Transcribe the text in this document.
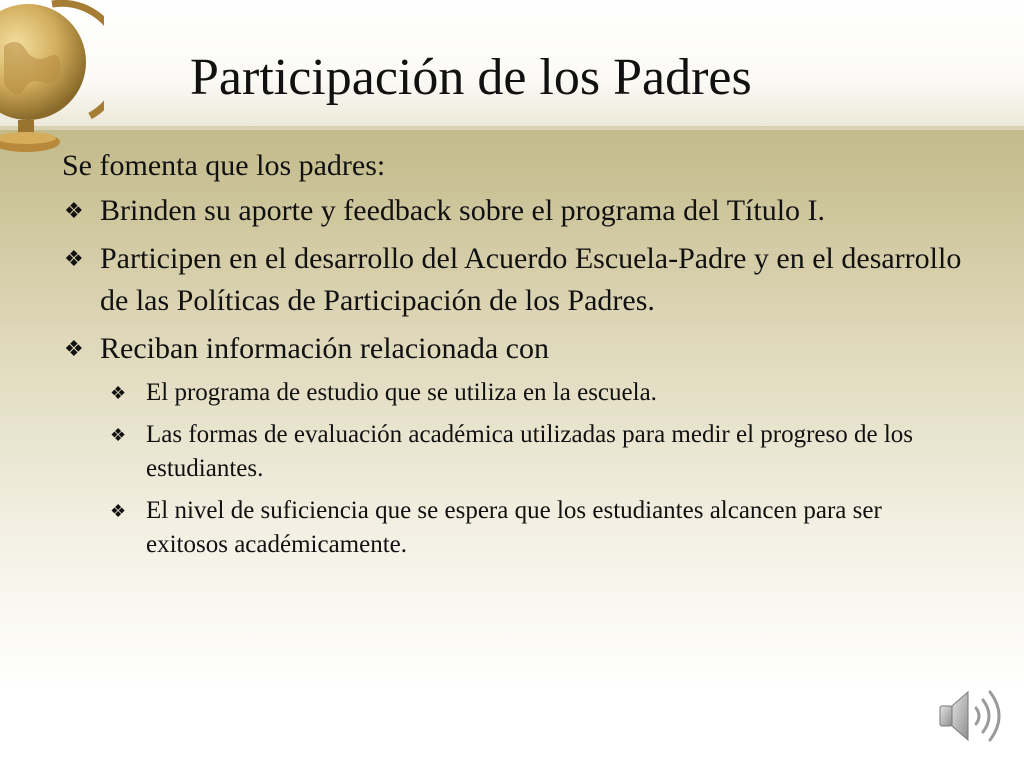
Participación de los Padres
Se fomenta que los padres:
❖ Brinden su aporte y feedback sobre el programa del Título I.
❖ Participen en el desarrollo del Acuerdo Escuela-Padre y en el desarrollo de las Políticas de Participación de los Padres.
❖ Reciban información relacionada con
❖ El programa de estudio que se utiliza en la escuela.
❖ Las formas de evaluación académica utilizadas para medir el progreso de los estudiantes.
❖ El nivel de suficiencia que se espera que los estudiantes alcancen para ser exitosos académicamente.
